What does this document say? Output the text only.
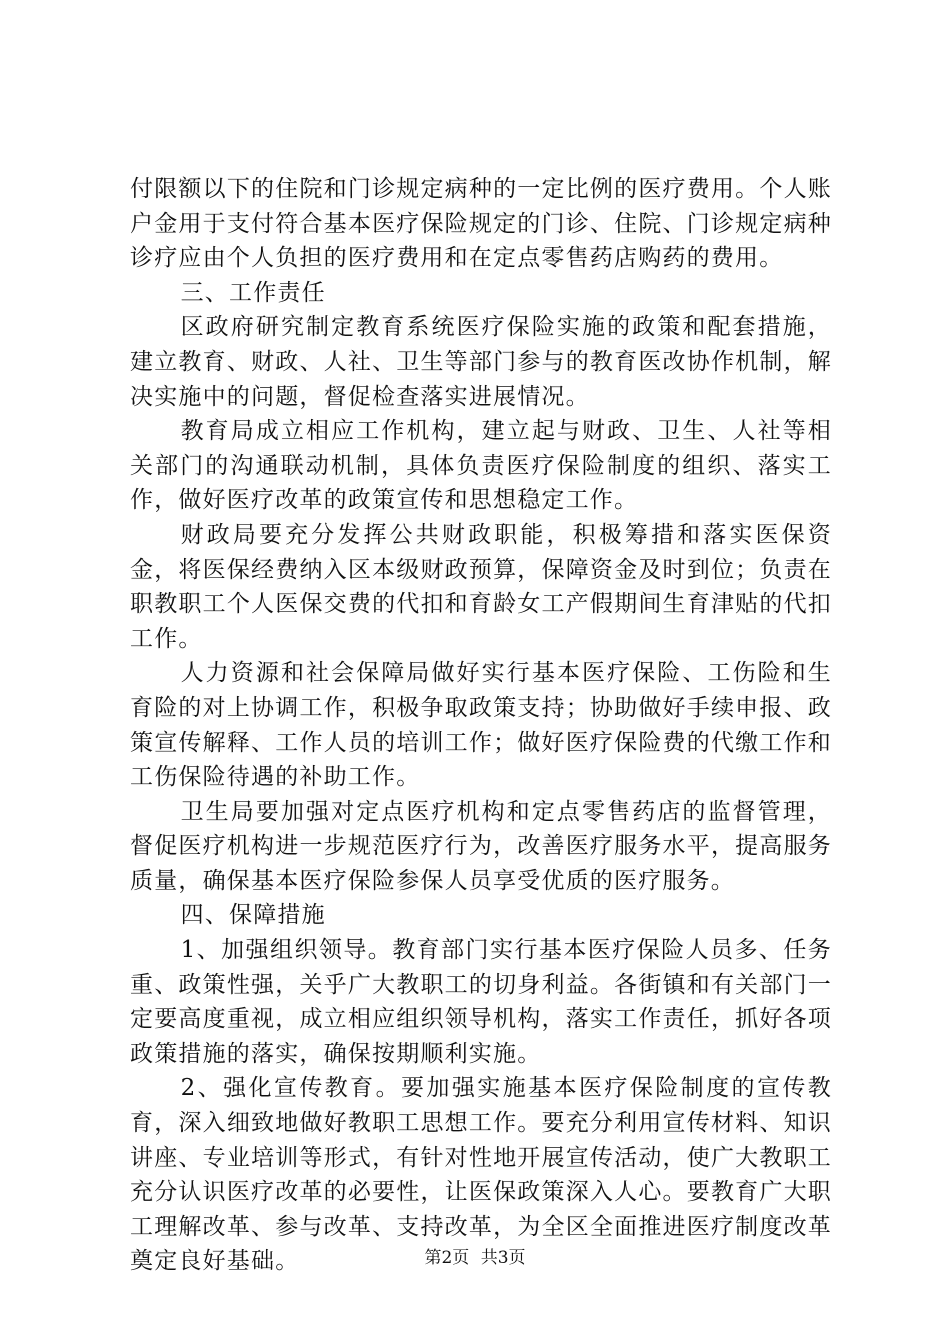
付限额以下的住院和门诊规定病种的一定比例的医疗费用。个人账户金用于支付符合基本医疗保险规定的门诊、住院、门诊规定病种诊疗应由个人负担的医疗费用和在定点零售药店购药的费用。

三、工作责任

区政府研究制定教育系统医疗保险实施的政策和配套措施，建立教育、财政、人社、卫生等部门参与的教育医改协作机制，解决实施中的问题，督促检查落实进展情况。

教育局成立相应工作机构，建立起与财政、卫生、人社等相关部门的沟通联动机制，具体负责医疗保险制度的组织、落实工作，做好医疗改革的政策宣传和思想稳定工作。

财政局要充分发挥公共财政职能，积极筹措和落实医保资金，将医保经费纳入区本级财政预算，保障资金及时到位；负责在职教职工个人医保交费的代扣和育龄女工产假期间生育津贴的代扣工作。

人力资源和社会保障局做好实行基本医疗保险、工伤险和生育险的对上协调工作，积极争取政策支持；协助做好手续申报、政策宣传解释、工作人员的培训工作；做好医疗保险费的代缴工作和工伤保险待遇的补助工作。

卫生局要加强对定点医疗机构和定点零售药店的监督管理，督促医疗机构进一步规范医疗行为，改善医疗服务水平，提高服务质量，确保基本医疗保险参保人员享受优质的医疗服务。

四、保障措施

1、加强组织领导。教育部门实行基本医疗保险人员多、任务重、政策性强，关乎广大教职工的切身利益。各街镇和有关部门一定要高度重视，成立相应组织领导机构，落实工作责任，抓好各项政策措施的落实，确保按期顺利实施。

2、强化宣传教育。要加强实施基本医疗保险制度的宣传教育，深入细致地做好教职工思想工作。要充分利用宣传材料、知识讲座、专业培训等形式，有针对性地开展宣传活动，使广大教职工充分认识医疗改革的必要性，让医保政策深入人心。要教育广大职工理解改革、参与改革、支持改革，为全区全面推进医疗制度改革奠定良好基础。	第2页 共3页
